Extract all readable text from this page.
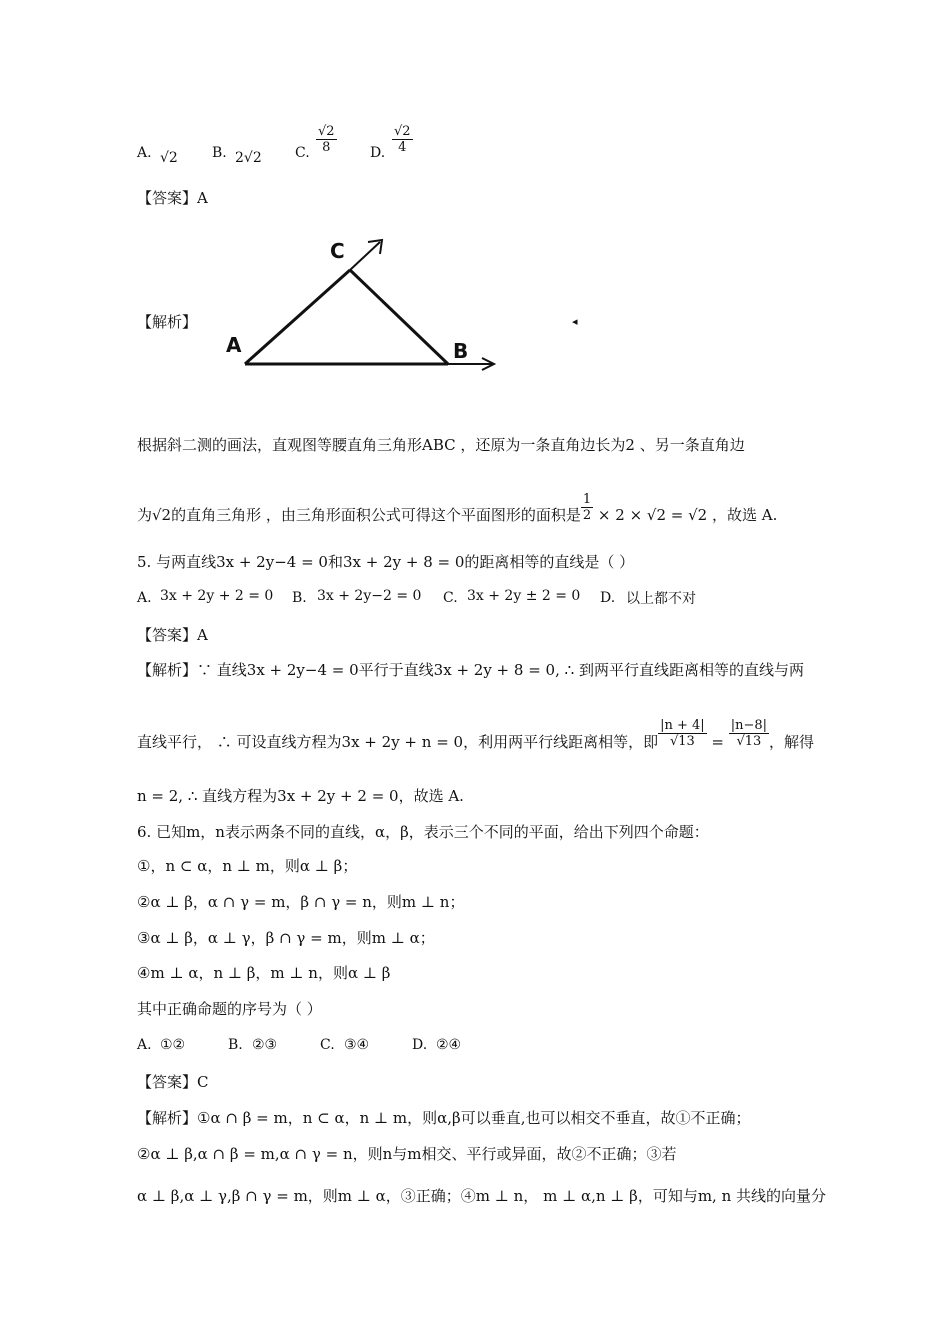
A. √2 B. 2√2 C. $\frac{√2}{8} D$. $\frac{√2}{4}$
【答案】A
【解析】
A	B
C
◂
根据斜二测的画法，直观图等腰直角三角形ABC ，还原为一条直角边长为2 、另一条直角边
为√2的直角三角形 ，由三角形面积公式可得这个平面图形的面积是 $\frac{1}{2} \times 2 \times √2 = √2$ ，故选 A.
5. 与两直线3x + 2y−4 = 0和3x + 2y + 8 = 0的距离相等的直线是（ ）
A. 3x + 2y + 2 = 0 B. 3x + 2y−2 = 0 C. 3x + 2y ± 2 = 0 D. 以上都不对
【答案】A
【解析】∵ 直线3x + 2y−4 = 0平行于直线3x + 2y + 8 = 0, ∴ 到两平行直线距离相等的直线与两
直线平行， ∴ 可设直线方程为3x + 2y + n = 0，利用两平行线距离相等，即 $\frac{|n + 4|}{√13} = \frac{|n-8|}{√13}$ ，解得
n = 2, ∴ 直线方程为3x + 2y + 2 = 0，故选 A.
6. 已知m，n表示两条不同的直线，α，β，表示三个不同的平面，给出下列四个命题：
①，n ⊂ α，n ⊥ m，则α ⊥ β；
②α ⊥ β，α ∩ γ = m，β ∩ γ = n，则m ⊥ n；
③α ⊥ β，α ⊥ γ，β ∩ γ = m，则m ⊥ α；
④m ⊥ α，n ⊥ β，m ⊥ n，则α ⊥ β
其中正确命题的序号为（ ）
A. ①②	B. ②③	C. ③④	D. ②④
【答案】C
【解析】①α ∩ β = m，n ⊂ α，n ⊥ m，则α,β可以垂直,也可以相交不垂直，故①不正确；
②α ⊥ β,α ∩ β = m,α ∩ γ = n，则n与m相交、平行或异面，故②不正确；③若
α ⊥ β,α ⊥ γ,β ∩ γ = m，则m ⊥ α，③正确；④m ⊥ n， m ⊥ α,n ⊥ β，可知与m, n 共线的向量分
